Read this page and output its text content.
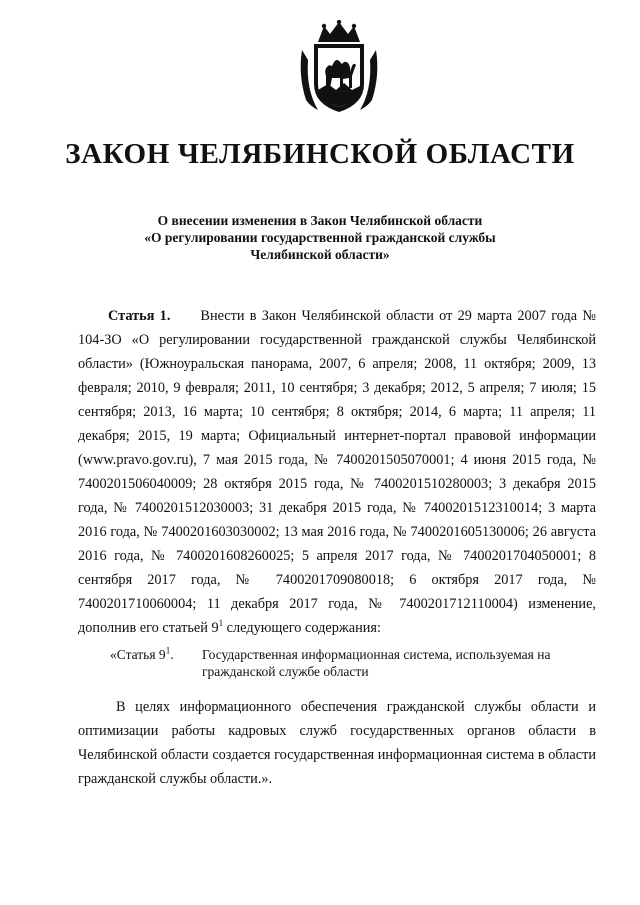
ЗАКОН ЧЕЛЯБИНСКОЙ ОБЛАСТИ
О внесении изменения в Закон Челябинской области
«О регулировании государственной гражданской службы
Челябинской области»

Статья 1. Внести в Закон Челябинской области от 29 марта 2007 года № 104-ЗО «О регулировании государственной гражданской службы Челябинской области» (Южноуральская панорама, 2007, 6 апреля; 2008, 11 октября; 2009, 13 февраля; 2010, 9 февраля; 2011, 10 сентября; 3 декабря; 2012, 5 апреля; 7 июля; 15 сентября; 2013, 16 марта; 10 сентября; 8 октября; 2014, 6 марта; 11 апреля; 11 декабря; 2015, 19 марта; Официальный интернет-портал правовой информации (www.pravo.gov.ru), 7 мая 2015 года, № 7400201505070001; 4 июня 2015 года, № 7400201506040009; 28 октября 2015 года, № 7400201510280003; 3 декабря 2015 года, № 7400201512030003; 31 декабря 2015 года, № 7400201512310014; 3 марта 2016 года, № 7400201603030002; 13 мая 2016 года, № 7400201605130006; 26 августа 2016 года, № 7400201608260025; 5 апреля 2017 года, № 7400201704050001; 8 сентября 2017 года, № 7400201709080018; 6 октября 2017 года, № 7400201710060004; 11 декабря 2017 года, № 7400201712110004) изменение, дополнив его статьей $9^1$ следующего содержания:

«Статья $9^1$.	Государственная информационная система, используемая на гражданской службе области

В целях информационного обеспечения гражданской службы области и оптимизации работы кадровых служб государственных органов области в Челябинской области создается государственная информационная система в области гражданской службы области.».
